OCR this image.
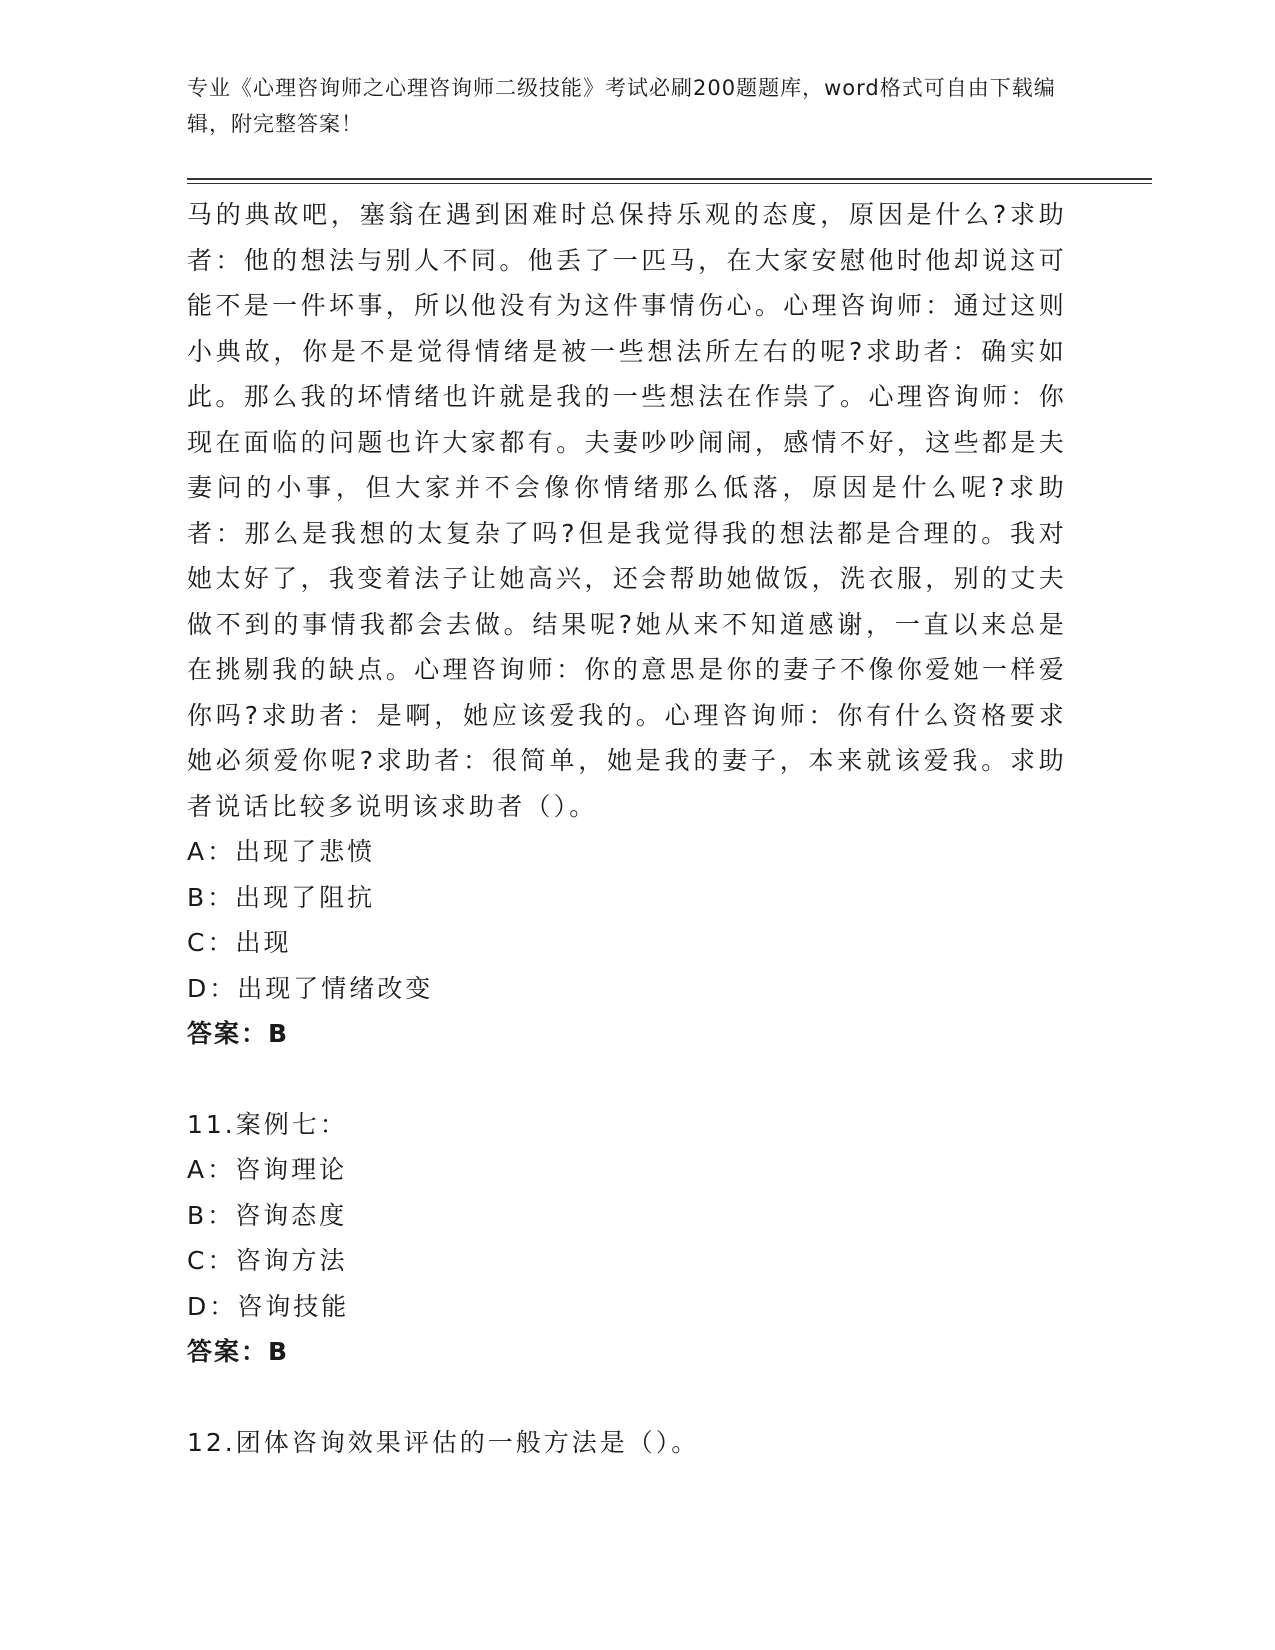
专业《心理咨询师之心理咨询师二级技能》考试必刷200题题库，word格式可自由下载编辑，附完整答案！

马的典故吧，塞翁在遇到困难时总保持乐观的态度，原因是什么?求助者：他的想法与别人不同。他丢了一匹马，在大家安慰他时他却说这可能不是一件坏事，所以他没有为这件事情伤心。心理咨询师：通过这则小典故，你是不是觉得情绪是被一些想法所左右的呢?求助者：确实如此。那么我的坏情绪也许就是我的一些想法在作祟了。心理咨询师：你现在面临的问题也许大家都有。夫妻吵吵闹闹，感情不好，这些都是夫妻问的小事，但大家并不会像你情绪那么低落，原因是什么呢?求助者：那么是我想的太复杂了吗?但是我觉得我的想法都是合理的。我对她太好了，我变着法子让她高兴，还会帮助她做饭，洗衣服，别的丈夫做不到的事情我都会去做。结果呢?她从来不知道感谢，一直以来总是在挑剔我的缺点。心理咨询师：你的意思是你的妻子不像你爱她一样爱你吗?求助者：是啊，她应该爱我的。心理咨询师：你有什么资格要求她必须爱你呢?求助者：很简单，她是我的妻子，本来就该爱我。求助者说话比较多说明该求助者（）。

A：出现了悲愤
B：出现了阻抗
C：出现
D：出现了情绪改变
答案：B
11.案例七：
A：咨询理论
B：咨询态度
C：咨询方法
D：咨询技能
答案：B
12.团体咨询效果评估的一般方法是（）。
